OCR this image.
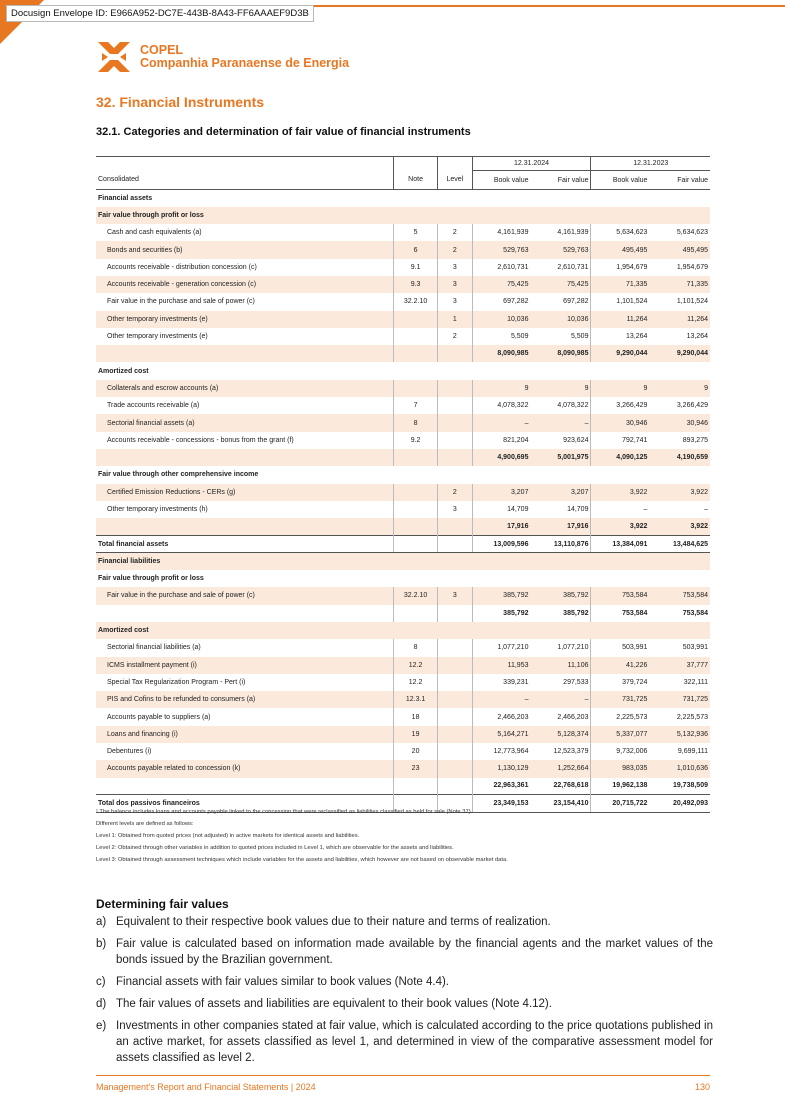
Docusign Envelope ID: E966A952-DC7E-443B-8A43-FF6AAAEF9D3B
COPEL
Companhia Paranaense de Energia
32. Financial Instruments
32.1. Categories and determination of fair value of financial instruments
			12.31.2024		12.31.2023	
Consolidated	Note	Level	Book value	Fair value	Book value	Fair value
Financial assets						
Fair value through profit or loss						
Cash and cash equivalents (a)	5	2	4,161,939	4,161,939	5,634,623	5,634,623
Bonds and securities (b)	6	2	529,763	529,763	495,495	495,495
Accounts receivable - distribution concession (c)	9.1	3	2,610,731	2,610,731	1,954,679	1,954,679
Accounts receivable - generation concession (c)	9.3	3	75,425	75,425	71,335	71,335
Fair value in the purchase and sale of power (c)	32.2.10	3	697,282	697,282	1,101,524	1,101,524
Other temporary investments (e)		1	10,036	10,036	11,264	11,264
Other temporary investments (e)		2	5,509	5,509	13,264	13,264
			8,090,985	8,090,985	9,290,044	9,290,044
Amortized cost						
Collaterals and escrow accounts (a)			9	9	9	9
Trade accounts receivable (a)	7		4,078,322	4,078,322	3,266,429	3,266,429
Sectorial financial assets (a)	8		–	–	30,946	30,946
Accounts receivable - concessions - bonus from the grant (f)	9.2		821,204	923,624	792,741	893,275
			4,900,695	5,001,975	4,090,125	4,190,659
Fair value through other comprehensive income						
Certified Emission Reductions - CERs (g)		2	3,207	3,207	3,922	3,922
Other temporary investments (h)		3	14,709	14,709	–	–
			17,916	17,916	3,922	3,922
Total financial assets			13,009,596	13,110,876	13,384,091	13,484,625
Financial liabilities						
Fair value through profit or loss						
Fair value in the purchase and sale of power (c)	32.2.10	3	385,792	385,792	753,584	753,584
			385,792	385,792	753,584	753,584
Amortized cost						
Sectorial financial liabilities (a)	8		1,077,210	1,077,210	503,991	503,991
ICMS installment payment (i)	12.2		11,953	11,106	41,226	37,777
Special Tax Regularization Program - Pert (i)	12.2		339,231	297,533	379,724	322,111
PIS and Cofins to be refunded to consumers (a)	12.3.1		–	–	731,725	731,725
Accounts payable to suppliers (a)	18		2,466,203	2,466,203	2,225,573	2,225,573
Loans and financing (i)	19		5,164,271	5,128,374	5,337,077	5,132,936
Debentures (i)	20		12,773,964	12,523,379	9,732,006	9,699,111
Accounts payable related to concession (k)	23		1,130,129	1,252,664	983,035	1,010,636
			22,963,361	22,768,618	19,962,138	19,738,509
Total dos passivos financeiros			23,349,153	23,154,410	20,715,722	20,492,093
¹ The balance includes loans and accounts payable linked to the concession that were reclassified as liabilities classified as held for sale (Note 37).
Different levels are defined as follows:
Level 1: Obtained from quoted prices (not adjusted) in active markets for identical assets and liabilities.
Level 2: Obtained through other variables in addition to quoted prices included in Level 1, which are observable for the assets and liabilities.
Level 3: Obtained through assessment techniques which include variables for the assets and liabilities, which however are not based on observable market data.
Determining fair values
a) Equivalent to their respective book values due to their nature and terms of realization.
b) Fair value is calculated based on information made available by the financial agents and the market values of the bonds issued by the Brazilian government.
c) Financial assets with fair values similar to book values (Note 4.4).
d) The fair values of assets and liabilities are equivalent to their book values (Note 4.12).
e) Investments in other companies stated at fair value, which is calculated according to the price quotations published in an active market, for assets classified as level 1, and determined in view of the comparative assessment model for assets classified as level 2.
Management's Report and Financial Statements | 2024	130
